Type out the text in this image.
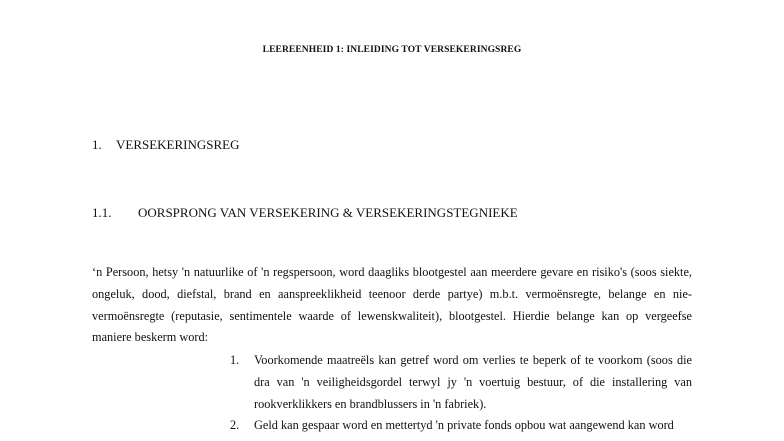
LEEREENHEID 1: INLEIDING TOT VERSEKERINGSREG
1. VERSEKERINGSREG
1.1. OORSPRONG VAN VERSEKERING & VERSEKERINGSTEGNIEKE
‘n Persoon, hetsy 'n natuurlike of 'n regspersoon, word daagliks blootgestel aan meerdere gevare en risiko's (soos siekte, ongeluk, dood, diefstal, brand en aanspreeklikheid teenoor derde partye) m.b.t. vermoënsregte, belange en nie-vermoënsregte (reputasie, sentimentele waarde of lewenskwaliteit), blootgestel. Hierdie belange kan op vergeefse maniere beskerm word:
1. Voorkomende maatreëls kan getref word om verlies te beperk of te voorkom (soos die dra van 'n veiligheidsgordel terwyl jy 'n voertuig bestuur, of die installering van rookverklikkers en brandblussers in 'n fabriek).
2. Geld kan gespaar word en mettertyd 'n private fonds opbou wat aangewend kan word
